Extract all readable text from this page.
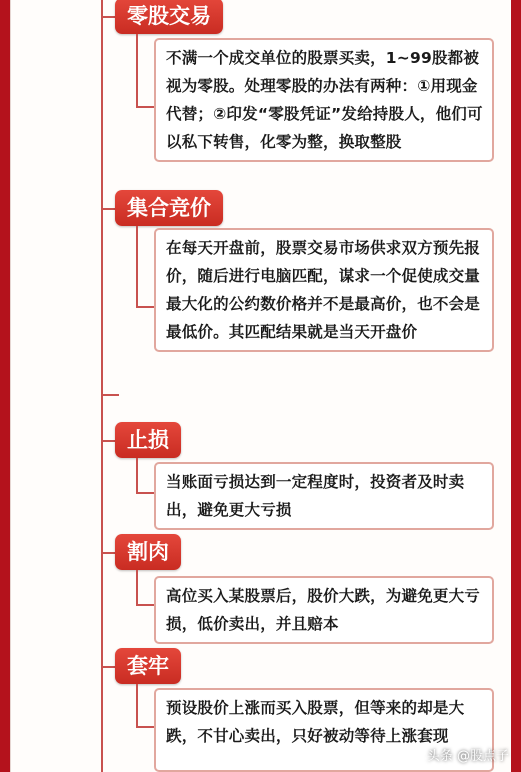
零股交易
不满一个成交单位的股票买卖，1~99股都被视为零股。处理零股的办法有两种：①用现金代替；②印发“零股凭证”发给持股人，他们可以私下转售，化零为整，换取整股
集合竞价
在每天开盘前，股票交易市场供求双方预先报价，随后进行电脑匹配，谋求一个促使成交量最大化的公约数价格并不是最高价，也不会是最低价。其匹配结果就是当天开盘价
止损
当账面亏损达到一定程度时，投资者及时卖出，避免更大亏损
割肉
高位买入某股票后，股价大跌，为避免更大亏损，低价卖出，并且赔本
套牢
预设股价上涨而买入股票，但等来的却是大跌，不甘心卖出，只好被动等待上涨套现
头条 @股点子
